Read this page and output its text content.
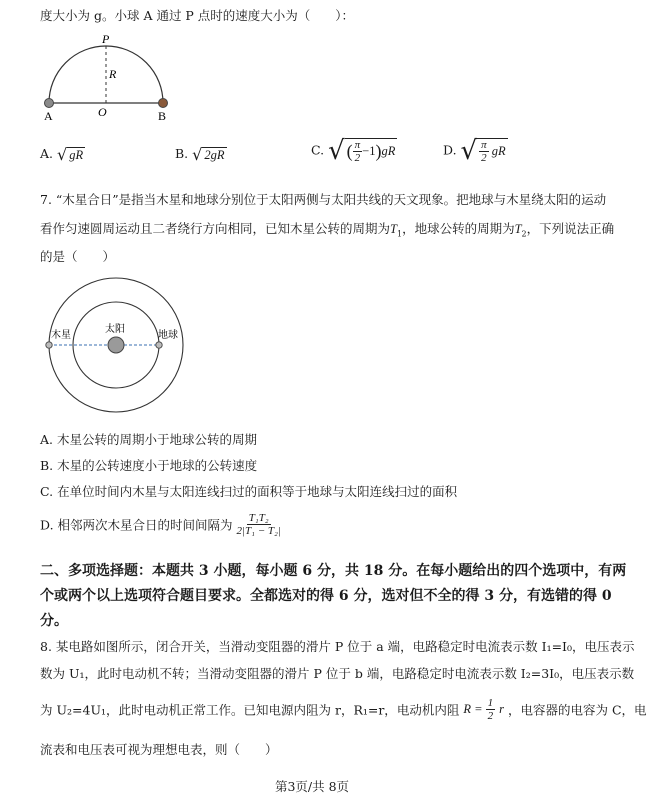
度大小为 g。小球 A 通过 P 点时的速度大小为（　　）：
P
R
O
A	B
A. √ gR	B. √ 2gR	C. √ ( $\frac{\pi}{2} -1$ ) gR	D. √ $\frac{\pi}{2}$ gR
7. “木星合日”是指当木星和地球分别位于太阳两侧与太阳共线的天文现象。把地球与木星绕太阳的运动
看作匀速圆周运动且二者绕行方向相同，已知木星公转的周期为$T_1$，地球公转的周期为$T_2$，下列说法正确
的是（　　）
木星
太阳
地球
A. 木星公转的周期小于地球公转的周期
B. 木星的公转速度小于地球的公转速度
C. 在单位时间内木星与太阳连线扫过的面积等于地球与太阳连线扫过的面积
D. 相邻两次木星合日的时间间隔为 $\frac{\text{T₁T₂}}{\text{2|T₁ − T₂|}}$
二、多项选择题：本题共 3 小题，每小题 6 分，共 18 分。在每小题给出的四个选项中，有两
个或两个以上选项符合题目要求。全都选对的得 6 分，选对但不全的得 3 分，有选错的得 0
分。
8. 某电路如图所示，闭合开关，当滑动变阻器的滑片 P 位于 a 端，电路稳定时电流表示数 I₁=I₀，电压表示
数为 U₁，此时电动机不转；当滑动变阻器的滑片 P 位于 b 端，电路稳定时电流表示数 I₂=3I₀，电压表示数
为 U₂=4U₁，此时电动机正常工作。已知电源内阻为 r，R₁=r，电动机内阻 $R = \frac{1}{2}$ r ，电容器的电容为 C，电
流表和电压表可视为理想电表，则（　　）
第3页/共 8页
